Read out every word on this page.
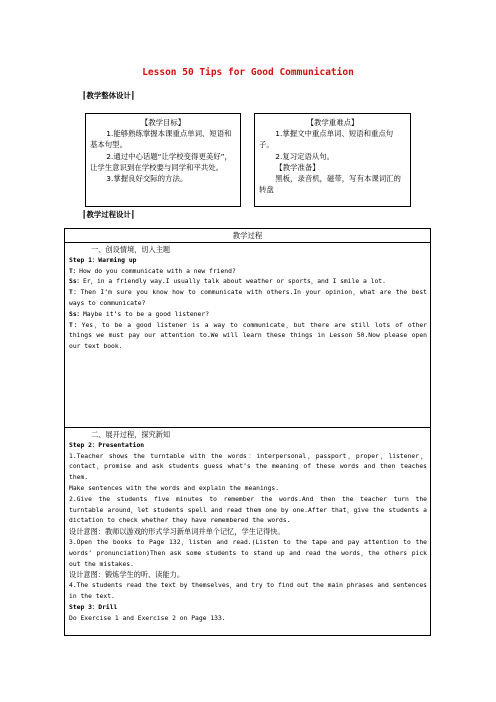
Lesson 50 Tips for Good Communication
┃教学整体设计┃

【教学目标】

1.能够熟练掌握本课重点单词、短语和基本句型。

2.通过中心话题“让学校变得更美好”，让学生意识到在学校要与同学和平共处。

3.掌握良好交际的方法。

【教学重难点】

1.掌握文中重点单词、短语和重点句子。

2.复习定语从句。

【教学准备】

黑板，录音机，磁带，写有本课词汇的转盘

┃教学过程设计┃
教学过程

一、创设情境，切入主题

Step 1：Warming up

T：How do you communicate with a new friend?

Ss：Er，in a friendly way.I usually talk about weather or sports，and I smile a lot.

T：Then I’m sure you know how to communicate with others.In your opinion，what are the best ways to communicate?

Ss：Maybe it’s to be a good listener?

T：Yes，to be a good listener is a way to communicate，but there are still lots of other things we must pay our attention to.We will learn these things in Lesson 50.Now please open our text book.

二、展开过程，探究新知

Step 2：Presentation

1.Teacher shows the turntable with the words：interpersonal，passport，proper，listener，contact，promise and ask students guess what’s the meaning of these words and then teaches them.

Make sentences with the words and explain the meanings.

2.Give the students five minutes to remember the words.And then the teacher turn the turntable around，let students spell and read them one by one.After that，give the students a dictation to check whether they have remembered the words.

设计意图：教师以游戏的形式学习新单词并单个记忆，学生记得快。

3.Open the books to Page 132，listen and read.(Listen to the tape and pay attention to the words’ pronunciation)Then ask some students to stand up and read the words，the others pick out the mistakes.

设计意图：锻炼学生的听、读能力。

4.The students read the text by themselves，and try to find out the main phrases and sentences in the text.

Step 3：Drill

Do Exercise 1 and Exercise 2 on Page 133.
